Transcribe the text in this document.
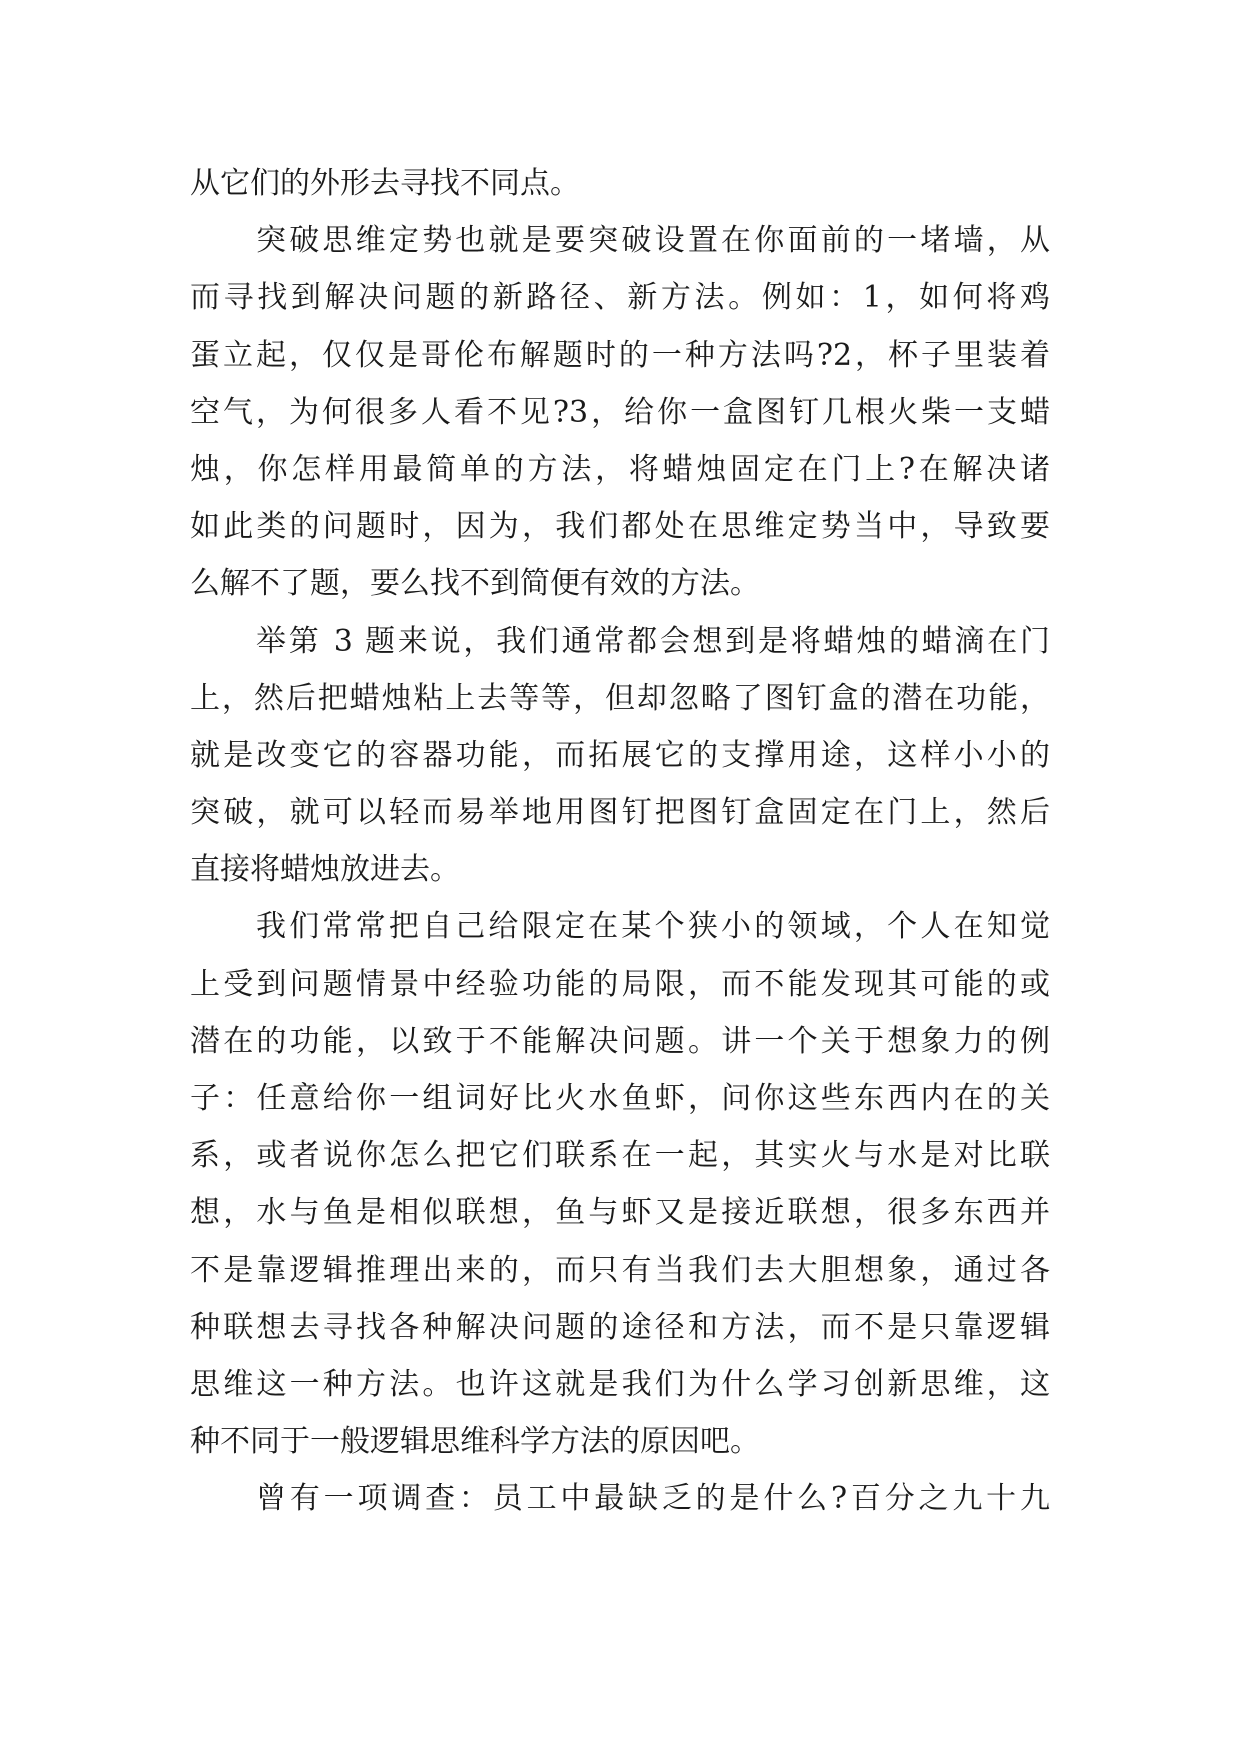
从它们的外形去寻找不同点。
突破思维定势也就是要突破设置在你面前的一堵墙，从
而寻找到解决问题的新路径、新方法。例如：1，如何将鸡
蛋立起，仅仅是哥伦布解题时的一种方法吗?2，杯子里装着
空气，为何很多人看不见?3，给你一盒图钉几根火柴一支蜡
烛，你怎样用最简单的方法，将蜡烛固定在门上?在解决诸
如此类的问题时，因为，我们都处在思维定势当中，导致要
么解不了题，要么找不到简便有效的方法。
举第 3 题来说，我们通常都会想到是将蜡烛的蜡滴在门
上，然后把蜡烛粘上去等等，但却忽略了图钉盒的潜在功能，
就是改变它的容器功能，而拓展它的支撑用途，这样小小的
突破，就可以轻而易举地用图钉把图钉盒固定在门上，然后
直接将蜡烛放进去。
我们常常把自己给限定在某个狭小的领域，个人在知觉
上受到问题情景中经验功能的局限，而不能发现其可能的或
潜在的功能，以致于不能解决问题。讲一个关于想象力的例
子：任意给你一组词好比火水鱼虾，问你这些东西内在的关
系，或者说你怎么把它们联系在一起，其实火与水是对比联
想，水与鱼是相似联想，鱼与虾又是接近联想，很多东西并
不是靠逻辑推理出来的，而只有当我们去大胆想象，通过各
种联想去寻找各种解决问题的途径和方法，而不是只靠逻辑
思维这一种方法。也许这就是我们为什么学习创新思维，这
种不同于一般逻辑思维科学方法的原因吧。
曾有一项调查：员工中最缺乏的是什么?百分之九十九
